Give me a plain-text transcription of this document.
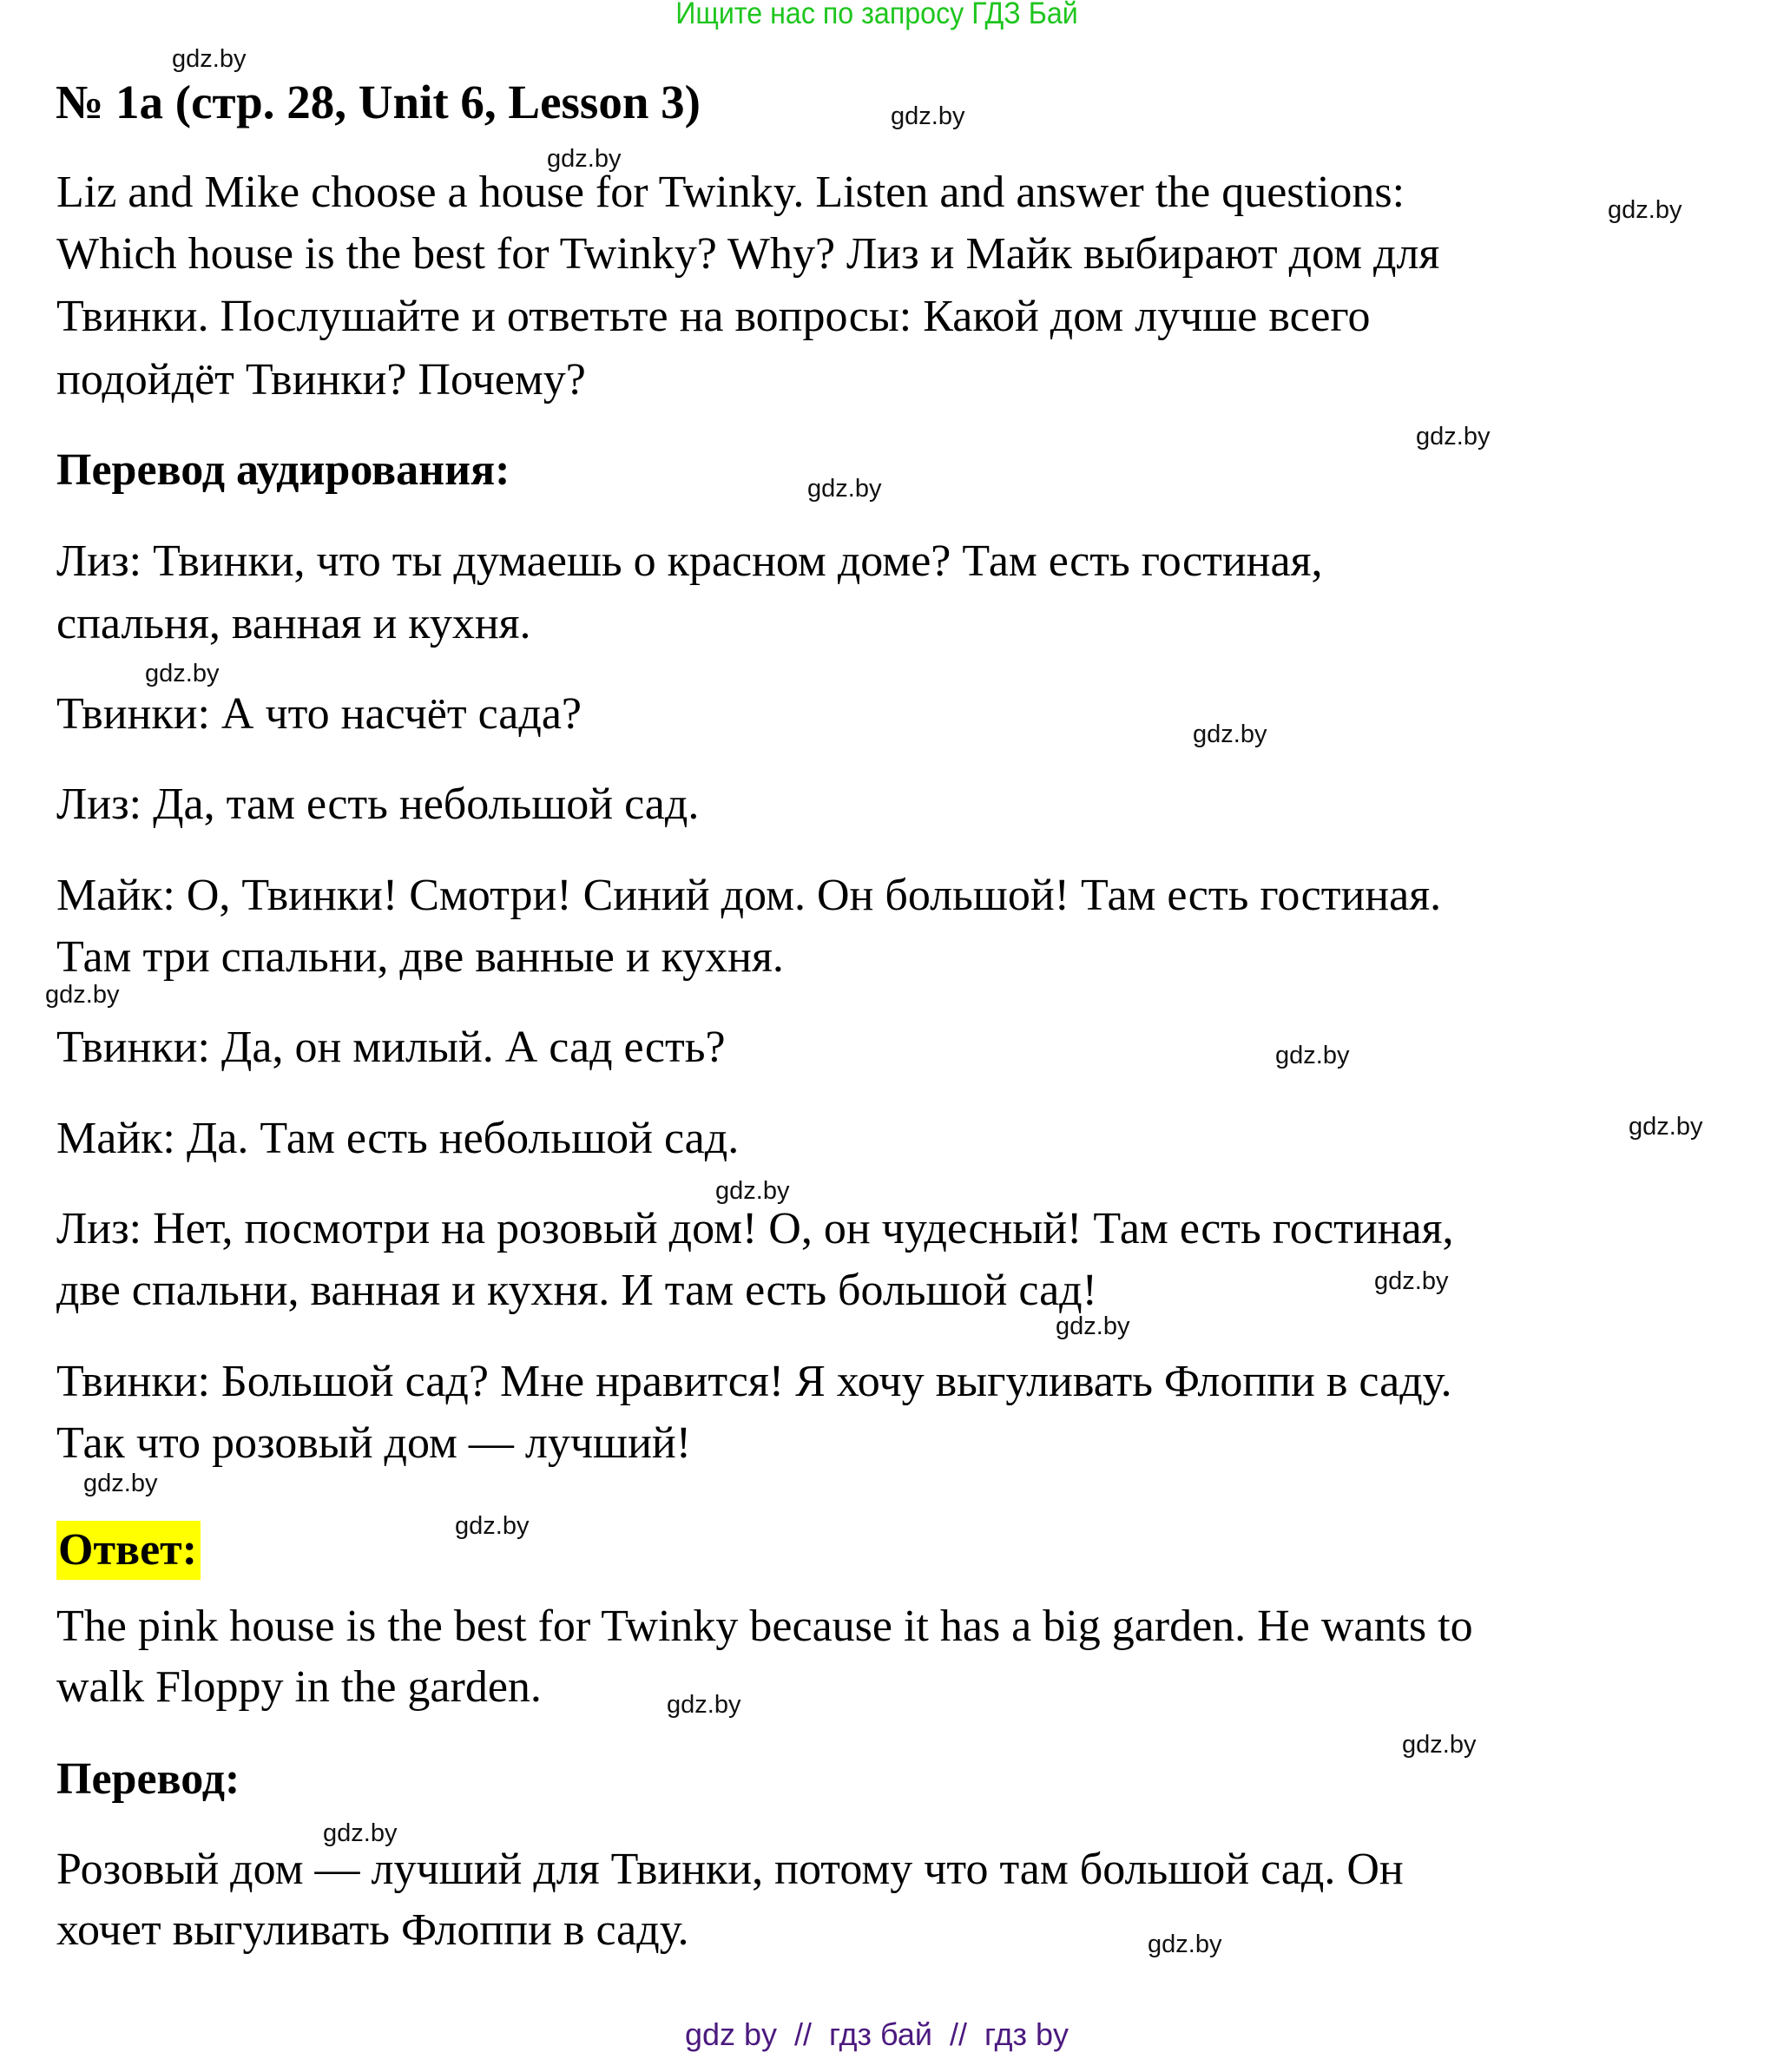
Ищите нас по запросу ГДЗ Бай
№ 1a (стр. 28, Unit 6, Lesson 3)
Liz and Mike choose a house for Twinky. Listen and answer the questions:
Which house is the best for Twinky? Why? Лиз и Майк выбирают дом для
Твинки. Послушайте и ответьте на вопросы: Какой дом лучше всего
подойдёт Твинки? Почему?
Перевод аудирования:
Лиз: Твинки, что ты думаешь о красном доме? Там есть гостиная,
спальня, ванная и кухня.
Твинки: А что насчёт сада?
Лиз: Да, там есть небольшой сад.
Майк: О, Твинки! Смотри! Синий дом. Он большой! Там есть гостиная.
Там три спальни, две ванные и кухня.
Твинки: Да, он милый. А сад есть?
Майк: Да. Там есть небольшой сад.
Лиз: Нет, посмотри на розовый дом! О, он чудесный! Там есть гостиная,
две спальни, ванная и кухня. И там есть большой сад!
Твинки: Большой сад? Мне нравится! Я хочу выгуливать Флоппи в саду.
Так что розовый дом — лучший!
Ответ:
The pink house is the best for Twinky because it has a big garden. He wants to
walk Floppy in the garden.
Перевод:
Розовый дом — лучший для Твинки, потому что там большой сад. Он
хочет выгуливать Флоппи в саду.
gdz.by
gdz.by
gdz.by
gdz.by
gdz.by
gdz.by
gdz.by
gdz.by
gdz.by
gdz.by
gdz.by
gdz.by
gdz.by
gdz.by
gdz.by
gdz.by
gdz.by
gdz.by
gdz.by
gdz.by
gdz by  //  гдз бай  //  гдз by
